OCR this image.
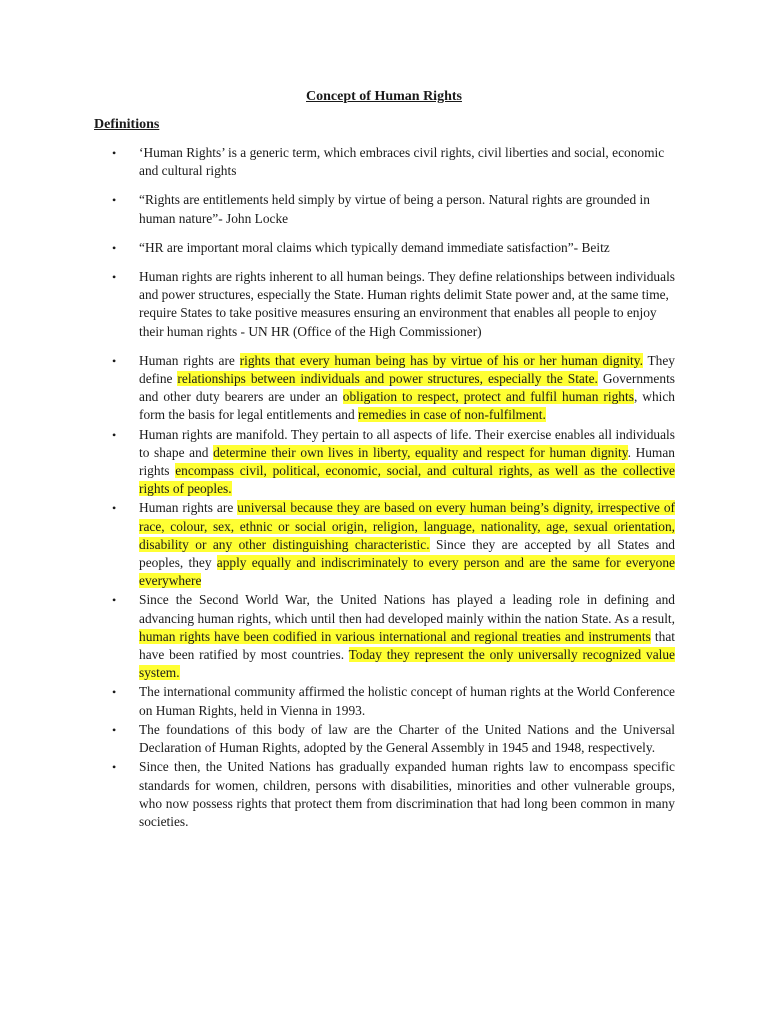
Concept of Human Rights
Definitions
• ‘Human Rights’ is a generic term, which embraces civil rights, civil liberties and social, economic and cultural rights
• “Rights are entitlements held simply by virtue of being a person. Natural rights are grounded in human nature”- John Locke
• “HR are important moral claims which typically demand immediate satisfaction”- Beitz
• Human rights are rights inherent to all human beings. They define relationships between individuals and power structures, especially the State. Human rights delimit State power and, at the same time, require States to take positive measures ensuring an environment that enables all people to enjoy their human rights - UN HR (Office of the High Commissioner)
• Human rights are rights that every human being has by virtue of his or her human dignity. They define relationships between individuals and power structures, especially the State. Governments and other duty bearers are under an obligation to respect, protect and fulfil human rights, which form the basis for legal entitlements and remedies in case of non-fulfilment.
• Human rights are manifold. They pertain to all aspects of life. Their exercise enables all individuals to shape and determine their own lives in liberty, equality and respect for human dignity. Human rights encompass civil, political, economic, social, and cultural rights, as well as the collective rights of peoples.
• Human rights are universal because they are based on every human being’s dignity, irrespective of race, colour, sex, ethnic or social origin, religion, language, nationality, age, sexual orientation, disability or any other distinguishing characteristic. Since they are accepted by all States and peoples, they apply equally and indiscriminately to every person and are the same for everyone everywhere
• Since the Second World War, the United Nations has played a leading role in defining and advancing human rights, which until then had developed mainly within the nation State. As a result, human rights have been codified in various international and regional treaties and instruments that have been ratified by most countries. Today they represent the only universally recognized value system.
• The international community affirmed the holistic concept of human rights at the World Conference on Human Rights, held in Vienna in 1993.
• The foundations of this body of law are the Charter of the United Nations and the Universal Declaration of Human Rights, adopted by the General Assembly in 1945 and 1948, respectively.
• Since then, the United Nations has gradually expanded human rights law to encompass specific standards for women, children, persons with disabilities, minorities and other vulnerable groups, who now possess rights that protect them from discrimination that had long been common in many societies.
